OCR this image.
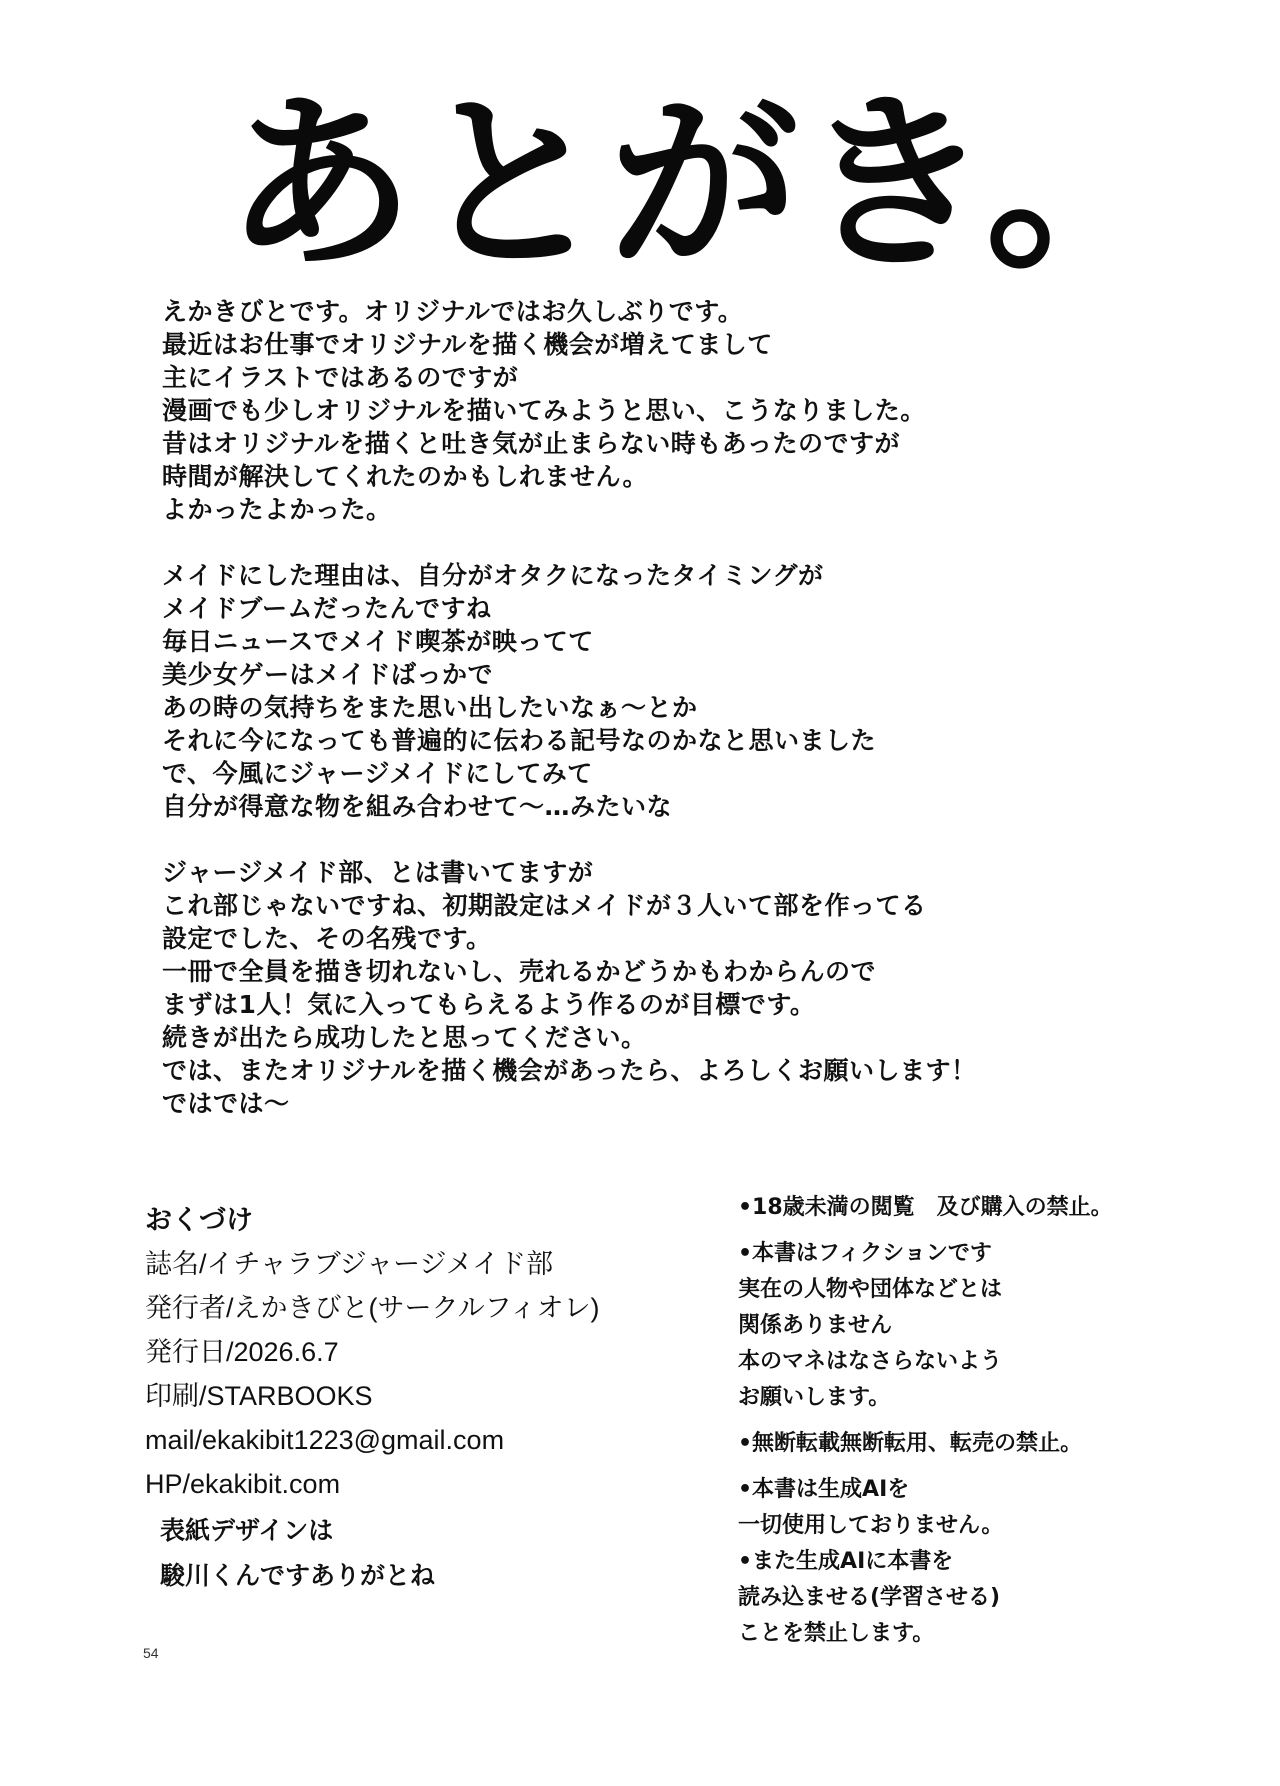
あとがき。
えかきびとです。オリジナルではお久しぶりです。
最近はお仕事でオリジナルを描く機会が増えてまして
主にイラストではあるのですが
漫画でも少しオリジナルを描いてみようと思い、こうなりました。
昔はオリジナルを描くと吐き気が止まらない時もあったのですが
時間が解決してくれたのかもしれません。
よかったよかった。
メイドにした理由は、自分がオタクになったタイミングが
メイドブームだったんですね
毎日ニュースでメイド喫茶が映ってて
美少女ゲーはメイドばっかで
あの時の気持ちをまた思い出したいなぁ〜とか
それに今になっても普遍的に伝わる記号なのかなと思いました
で、今風にジャージメイドにしてみて
自分が得意な物を組み合わせて〜…みたいな
ジャージメイド部、とは書いてますが
これ部じゃないですね、初期設定はメイドが３人いて部を作ってる
設定でした、その名残です。
一冊で全員を描き切れないし、売れるかどうかもわからんので
まずは1人！気に入ってもらえるよう作るのが目標です。
続きが出たら成功したと思ってください。
では、またオリジナルを描く機会があったら、よろしくお願いします！
ではでは〜
おくづけ
誌名/イチャラブジャージメイド部
発行者/えかきびと(サークルフィオレ)
発行日/2026.6.7
印刷/STARBOOKS
mail/ekakibit1223@gmail.com
HP/ekakibit.com
表紙デザインは
駿川くんですありがとね
•18歳未満の閲覧　及び購入の禁止。
•本書はフィクションです
実在の人物や団体などとは
関係ありません
本のマネはなさらないよう
お願いします。
•無断転載無断転用、転売の禁止。
•本書は生成AIを
一切使用しておりません。
•また生成AIに本書を
読み込ませる(学習させる)
ことを禁止します。
54
